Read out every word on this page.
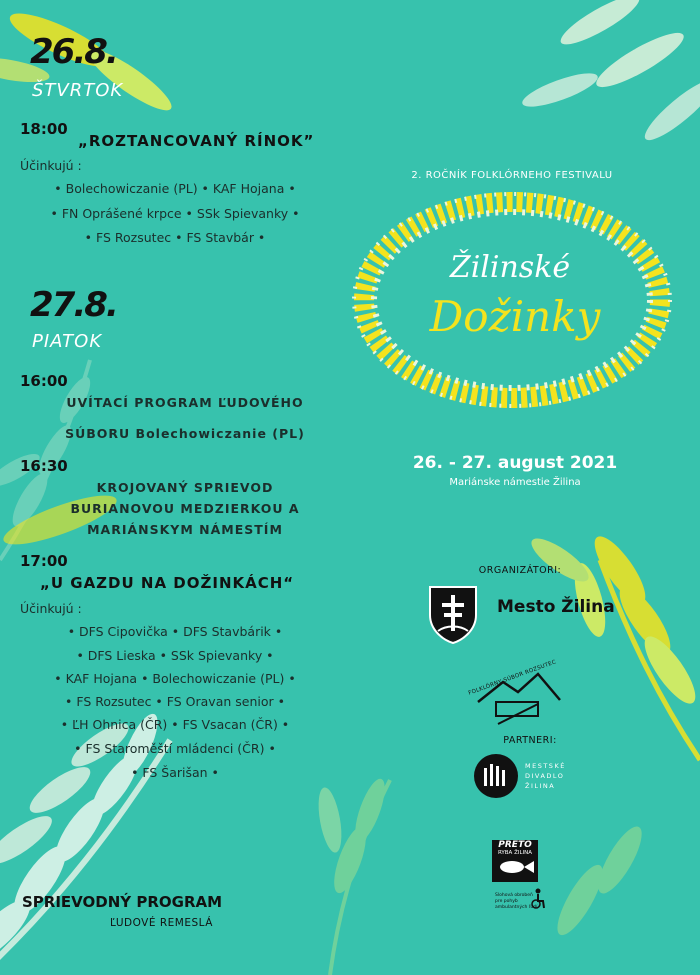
26.8.
ŠTVRTOK
18:00
„ROZTANCOVANÝ RÍNOK”
Účinkujú :
• Bolechowiczanie (PL) • KAF Hojana •
• FN Oprášené krpce • SSk Spievanky •
• FS Rozsutec • FS Stavbár •
27.8.
PIATOK
16:00
UVÍTACÍ PROGRAM ĽUDOVÉHO
SÚBORU Bolechowiczanie (PL)
16:30
KROJOVANÝ SPRIEVOD
BURIANOVOU MEDZIERKOU A
MARIÁNSKYM NÁMESTÍM
17:00
„U GAZDU NA DOŽINKÁCH“
Účinkujú :
• DFS Cipovička • DFS Stavbárik •
• DFS Lieska • SSk Spievanky •
• KAF Hojana • Bolechowiczanie (PL) •
• FS Rozsutec • FS Oravan senior •
• ĽH Ohnica (ČR) • FS Vsacan (ČR) •
• FS Staroměští mládenci (ČR) •
• FS Šarišan •
SPRIEVODNÝ PROGRAM
ĽUDOVÉ REMESLÁ
2. ROČNÍK FOLKLÓRNEHO FESTIVALU
Žilinské
Dožinky
26. - 27. august 2021
Mariánske námestie Žilina
ORGANIZÁTORI:
Mesto Žilina
FOLKLÓRNY SÚBOR ROZSUTEC
PARTNERI:
MESTSKÉ
DIVADLO
ŽILINA
PRETO
RYBA ŽILINA
Slohová obrobeň
pre pohyb
ambulantných ľudí
